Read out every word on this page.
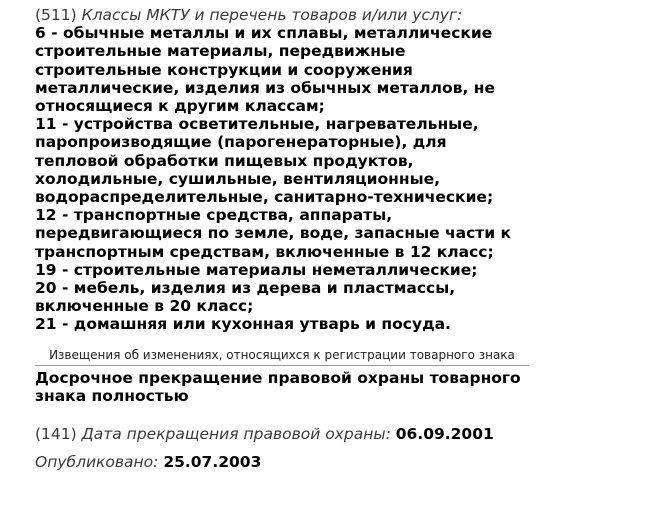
(511) Классы МКТУ и перечень товаров и/или услуг:
6 - обычные металлы и их сплавы, металлические строительные материалы, передвижные строительные конструкции и сооружения металлические, изделия из обычных металлов, не относящиеся к другим классам;
11 - устройства осветительные, нагревательные, паропроизводящие (парогенераторные), для тепловой обработки пищевых продуктов, холодильные, сушильные, вентиляционные, водораспределительные, санитарно-технические;
12 - транспортные средства, аппараты, передвигающиеся по земле, воде, запасные части к транспортным средствам, включенные в 12 класс;
19 - строительные материалы неметаллические;
20 - мебель, изделия из дерева и пластмассы, включенные в 20 класс;
21 - домашняя или кухонная утварь и посуда.
Извещения об изменениях, относящихся к регистрации товарного знака
Досрочное прекращение правовой охраны товарного знака полностью
(141) Дата прекращения правовой охраны: 06.09.2001
Опубликовано: 25.07.2003
